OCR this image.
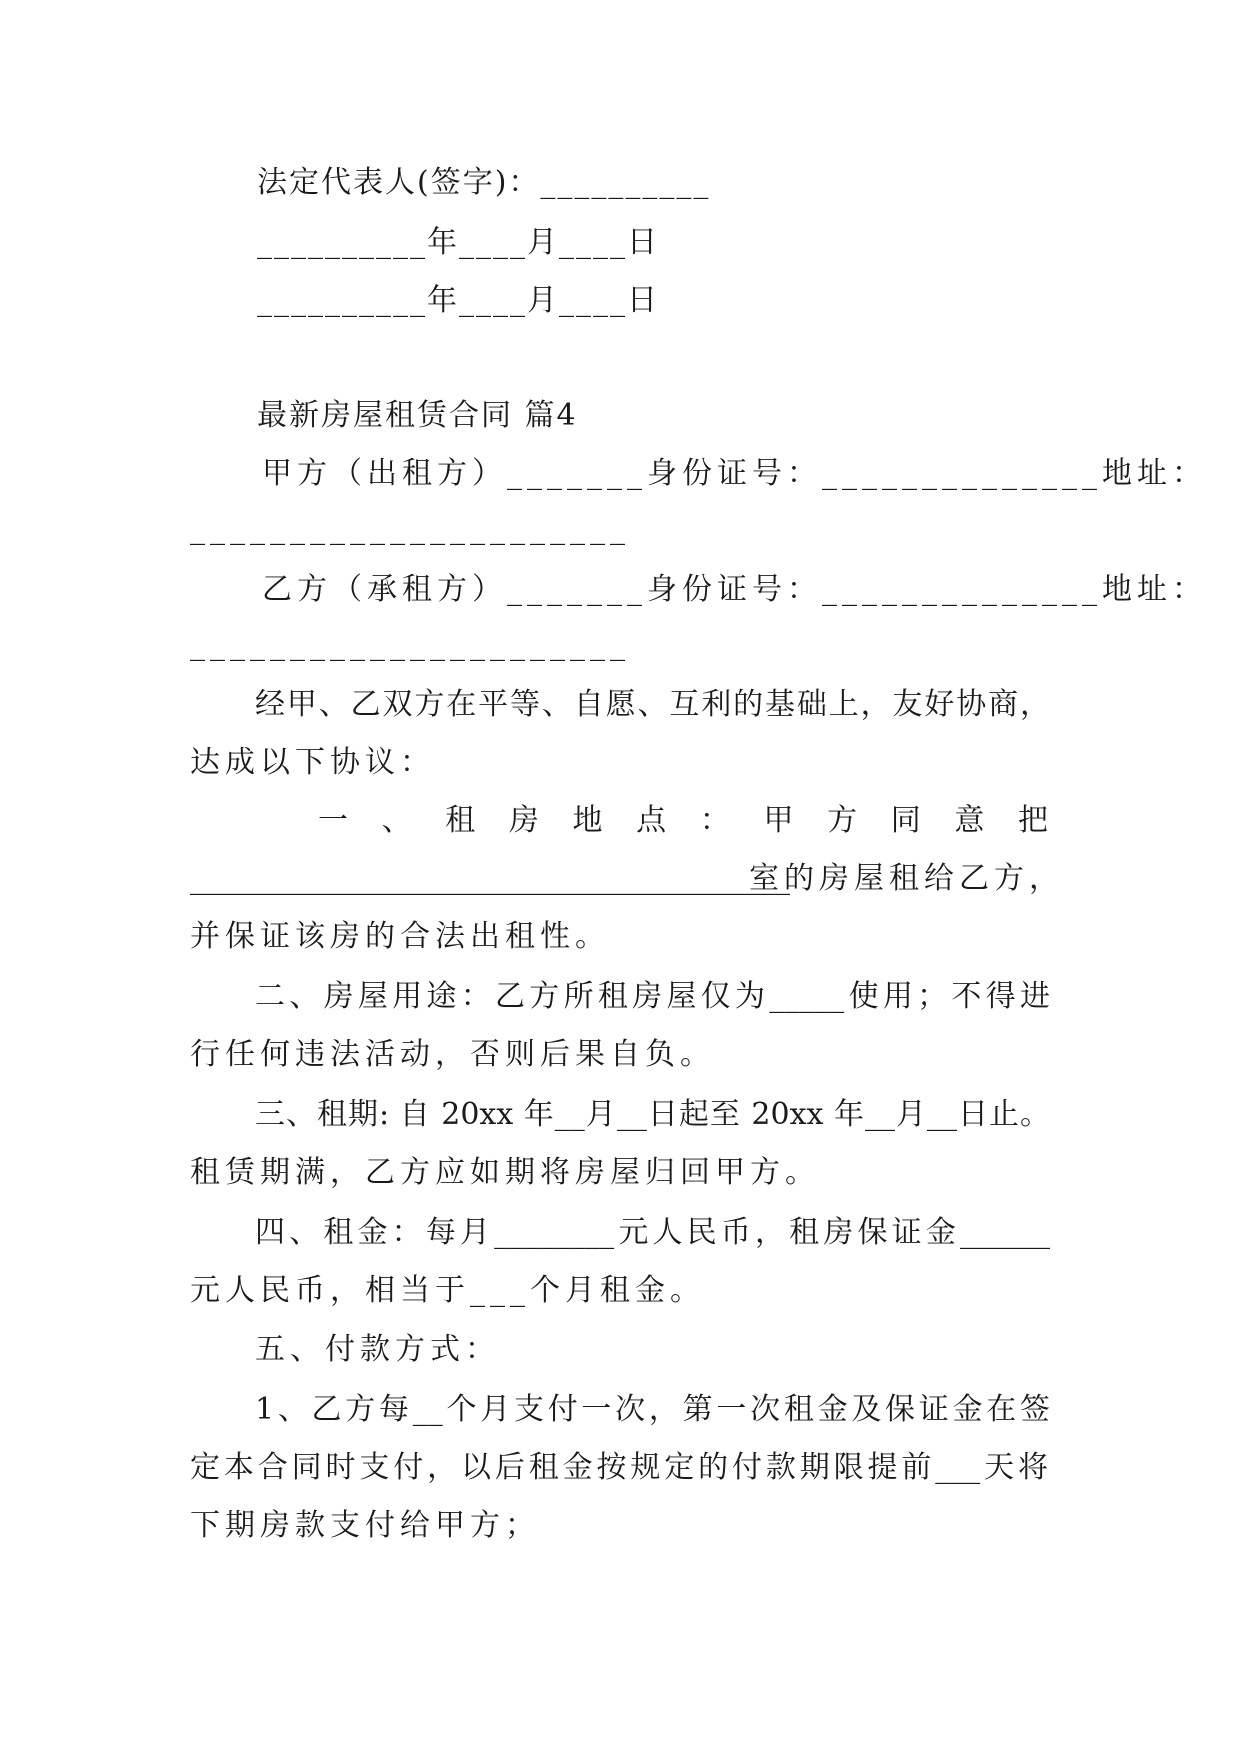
法定代表人(签字)：__________

__________年____月____日

__________年____月____日

最新房屋租赁合同 篇4

甲方（出租方）_______身份证号：______________地址：

______________________

乙方（承租方）_______身份证号：______________地址：

______________________

经甲、乙双方在平等、自愿、互利的基础上，友好协商，

达成以下协议：

一 、 租 房 地 点 ： 甲 方 同 意 把

________________________________________

室的房屋租给乙方，

并保证该房的合法出租性。

二、房屋用途：乙方所租房屋仅为_____使用；不得进

行任何违法活动，否则后果自负。

三、租期: 自 20xx 年__月__日起至 20xx 年__月__日止。

租赁期满，乙方应如期将房屋归回甲方。

四、租金：每月________元人民币，租房保证金______

元人民币，相当于___个月租金。

五、付款方式：

1、乙方每__个月支付一次，第一次租金及保证金在签

定本合同时支付，以后租金按规定的付款期限提前___天将

下期房款支付给甲方；
